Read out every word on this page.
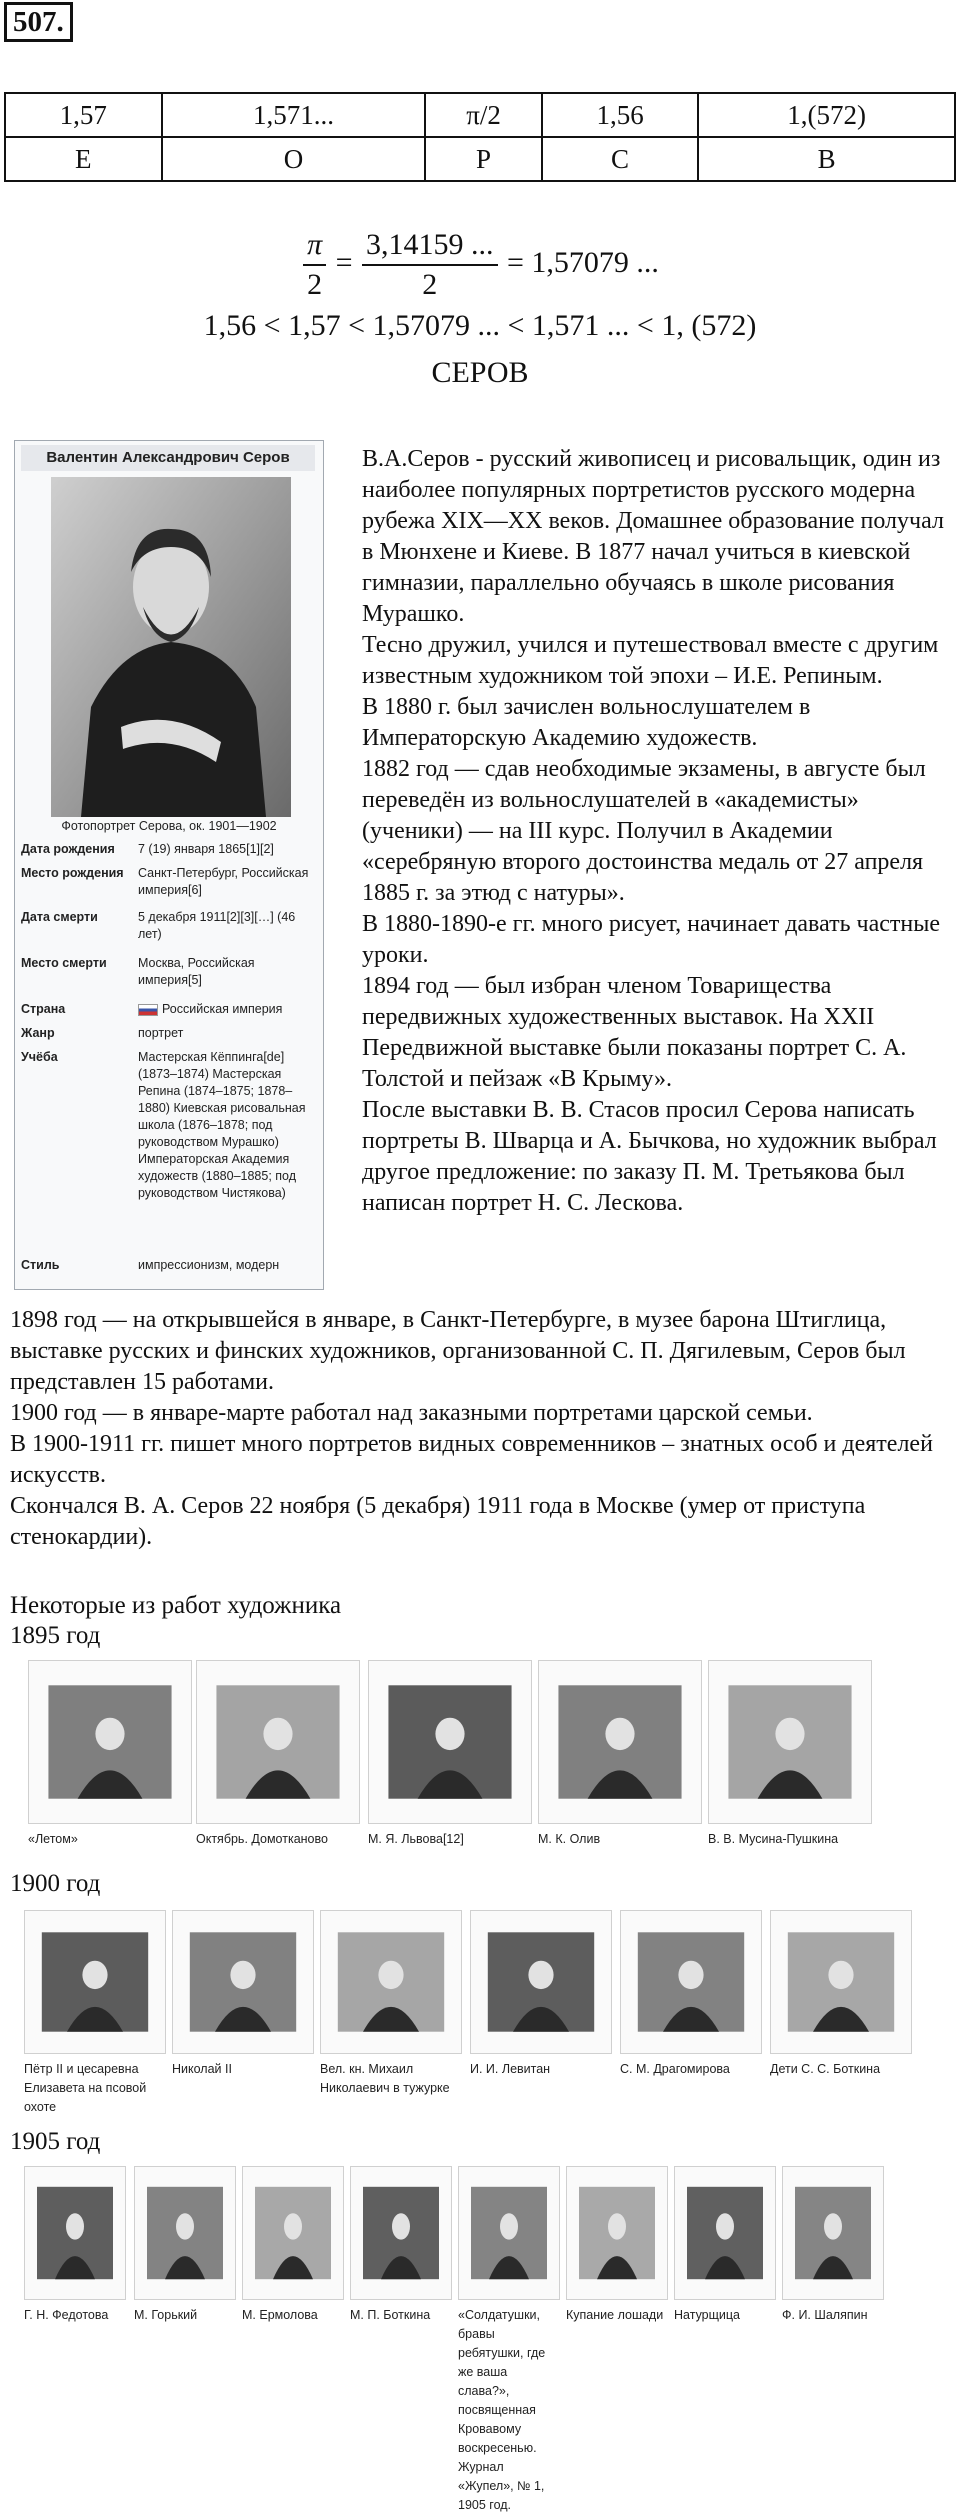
507.
1,57	1,571...	π/2	1,56	1,(572)
Е	О	Р	С	В
$\frac{\pi}{2} = \frac{3,14159 ...}{2} = 1,57079$ ...
1,56 < 1,57 < 1,57079 ... < 1,571 ... < 1, (572)
СЕРОВ
Валентин Александрович Серов
Фотопортрет Серова, ок. 1901—1902
Дата рождения	7 (19) января 1865[1][2]
Место рождения	Санкт-Петербург, Российская империя[6]
Дата смерти	5 декабря 1911[2][3][…] (46 лет)
Место смерти	Москва, Российская империя[5]
Страна	Российская империя
Жанр	портрет
Учёба	Мастерская Кёппинга[de] (1873–1874) Мастерская Репина (1874–1875; 1878–1880) Киевская рисовальная школа (1876–1878; под руководством Мурашко) Императорская Академия художеств (1880–1885; под руководством Чистякова)
Стиль	импрессионизм, модерн

В.А.Серов - русский живописец и рисовальщик, один из наиболее популярных портретистов русского модерна рубежа XIX—XX веков. Домашнее образование получал в Мюнхене и Киеве. В 1877 начал учиться в киевской гимназии, параллельно обучаясь в школе рисования Мурашко.

Тесно дружил, учился и путешествовал вместе с другим известным художником той эпохи – И.Е. Репиным.

В 1880 г. был зачислен вольнослушателем в Императорскую Академию художеств.

1882 год — сдав необходимые экзамены, в августе был переведён из вольнослушателей в «академисты» (ученики) — на III курс. Получил в Академии «серебряную второго достоинства медаль от 27 апреля 1885 г. за этюд с натуры».

В 1880-1890-е гг. много рисует, начинает давать частные уроки.

1894 год — был избран членом Товарищества передвижных художественных выставок. На XXII Передвижной выставке были показаны портрет С. А. Толстой и пейзаж «В Крыму».

После выставки В. В. Стасов просил Серова написать портреты В. Шварца и А. Бычкова, но художник выбрал другое предложение: по заказу П. М. Третьякова был написан портрет Н. С. Лескова.

1898 год — на открывшейся в январе, в Санкт-Петербурге, в музее барона Штиглица, выставке русских и финских художников, организованной С. П. Дягилевым, Серов был представлен 15 работами.

1900 год — в январе-марте работал над заказными портретами царской семьи.

В 1900-1911 гг. пишет много портретов видных современников – знатных особ и деятелей искусств.

Скончался В. А. Серов 22 ноября (5 декабря) 1911 года в Москве (умер от приступа стенокардии).

Некоторые из работ художника
1895 год
1900 год
1905 год
«Летом»	Октябрь. Домотканово	М. Я. Львова[12]	М. К. Олив	В. В. Мусина-Пушкина
Пётр II и цесаревна Елизавета на псовой охоте
Николай II	Вел. кн. Михаил Николаевич в тужурке
И. И. Левитан	С. М. Драгомирова	Дети С. С. Боткина
Г. Н. Федотова	М. Горький	М. Ермолова	М. П. Боткина	«Солдатушки, бравы ребятушки, где же ваша слава?», посвященная Кровавому воскресенью. Журнал «Жупел», № 1, 1905 год.
Купание лошади Натурщица	Ф. И. Шаляпин
